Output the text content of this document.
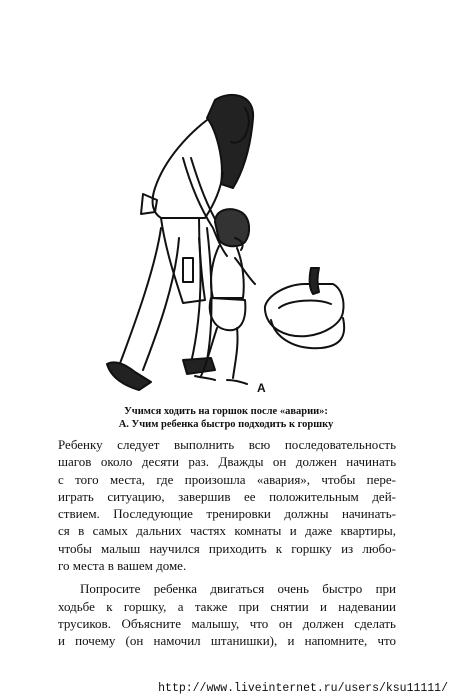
А
Учимся ходить на горшок после «аварии»:
А. Учим ребенка быстро подходить к горшку
Ребенку следует выполнить всю последовательность
шагов около десяти раз. Дважды он должен начинать
с того места, где произошла «авария», чтобы пере-
играть ситуацию, завершив ее положительным дей-
ствием. Последующие тренировки должны начинать-
ся в самых дальних частях комнаты и даже квартиры,
чтобы малыш научился приходить к горшку из любо-
го места в вашем доме.
Попросите ребенка двигаться очень быстро при
ходьбе к горшку, а также при снятии и надевании
трусиков. Объясните малышу, что он должен сделать
и почему (он намочил штанишки), и напомните, что
http://www.liveinternet.ru/users/ksu11111/
